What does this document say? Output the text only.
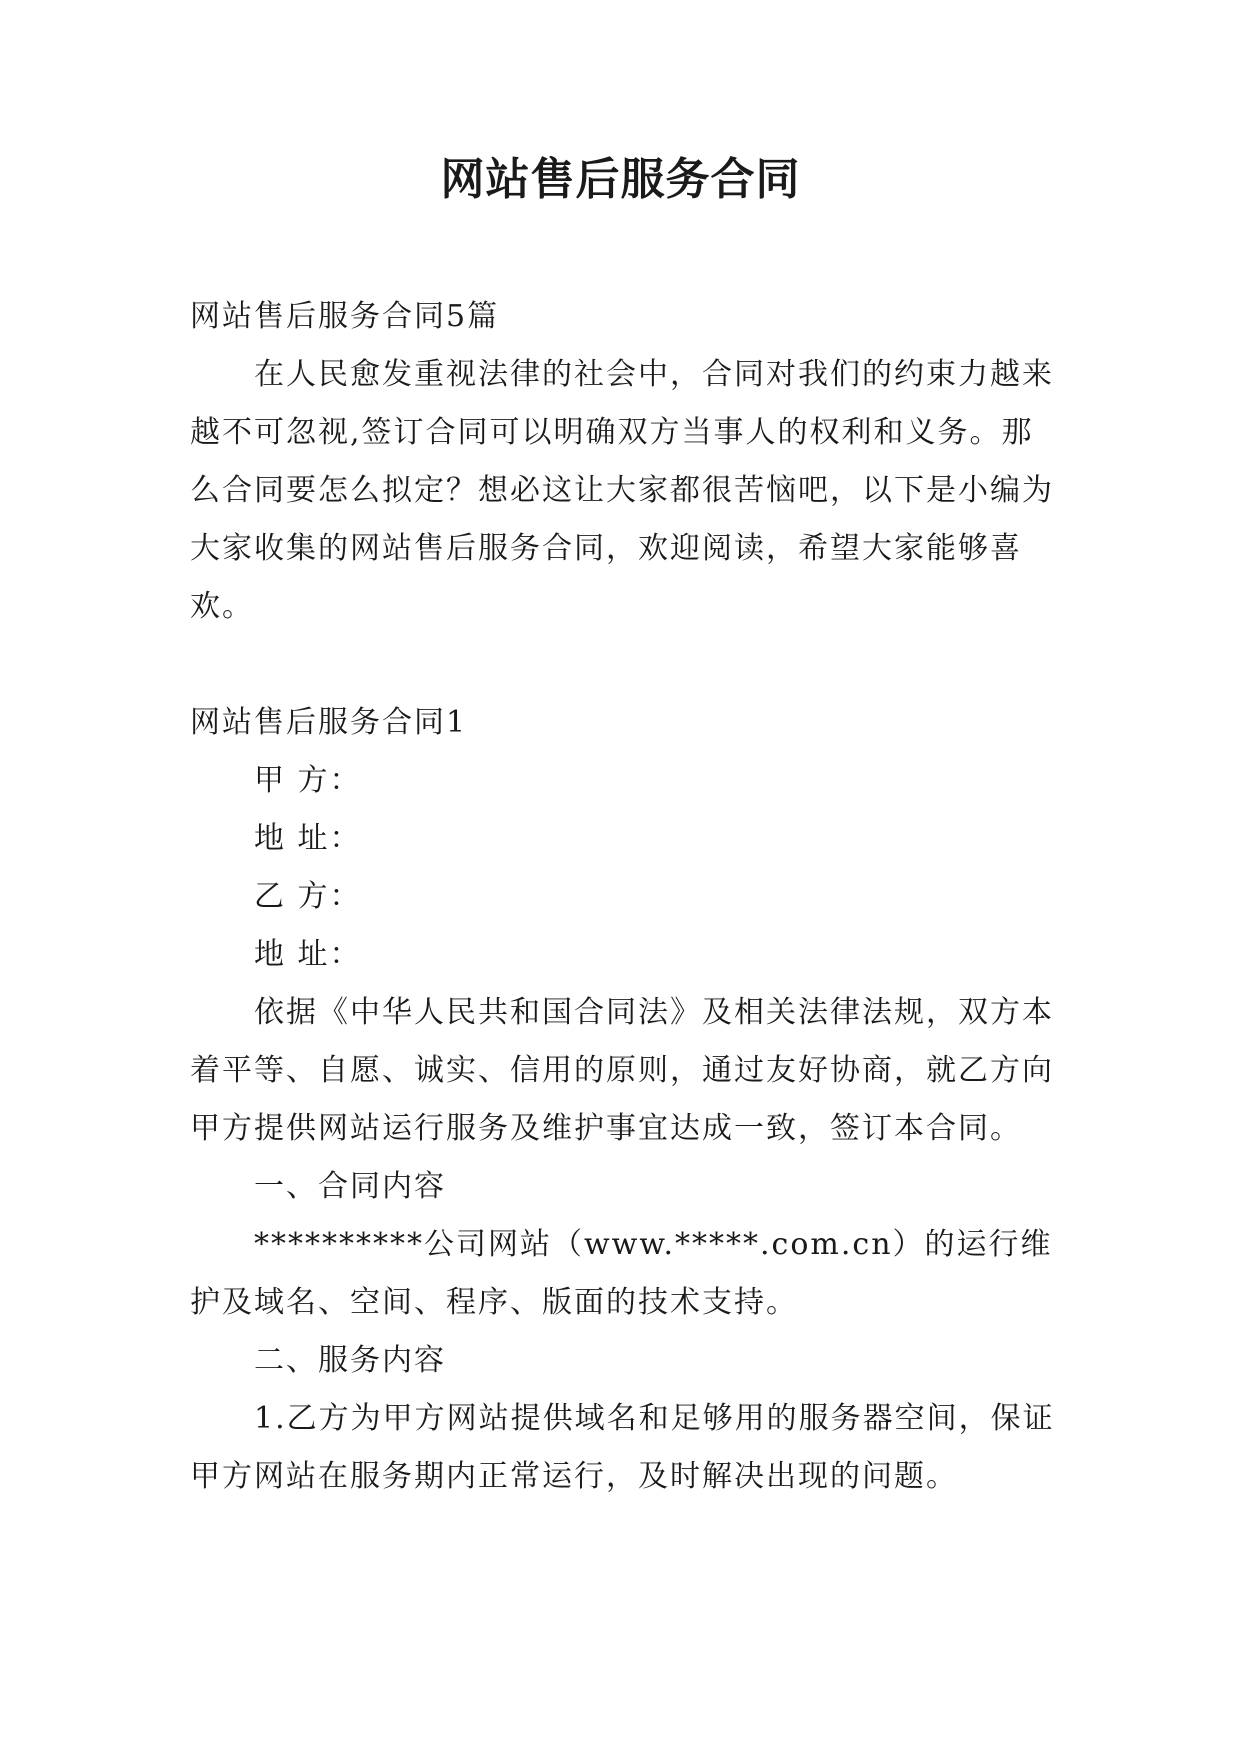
网站售后服务合同

网站售后服务合同5篇

在人民愈发重视法律的社会中，合同对我们的约束力越来越不可忽视,签订合同可以明确双方当事人的权利和义务。那么合同要怎么拟定？想必这让大家都很苦恼吧，以下是小编为大家收集的网站售后服务合同，欢迎阅读，希望大家能够喜欢。

网站售后服务合同1

甲 方：

地 址：

乙 方：

地 址：

依据《中华人民共和国合同法》及相关法律法规，双方本着平等、自愿、诚实、信用的原则，通过友好协商，就乙方向甲方提供网站运行服务及维护事宜达成一致，签订本合同。

一、合同内容

**********公司网站（www.*****.com.cn）的运行维护及域名、空间、程序、版面的技术支持。

二、服务内容

1.乙方为甲方网站提供域名和足够用的服务器空间，保证甲方网站在服务期内正常运行，及时解决出现的问题。
